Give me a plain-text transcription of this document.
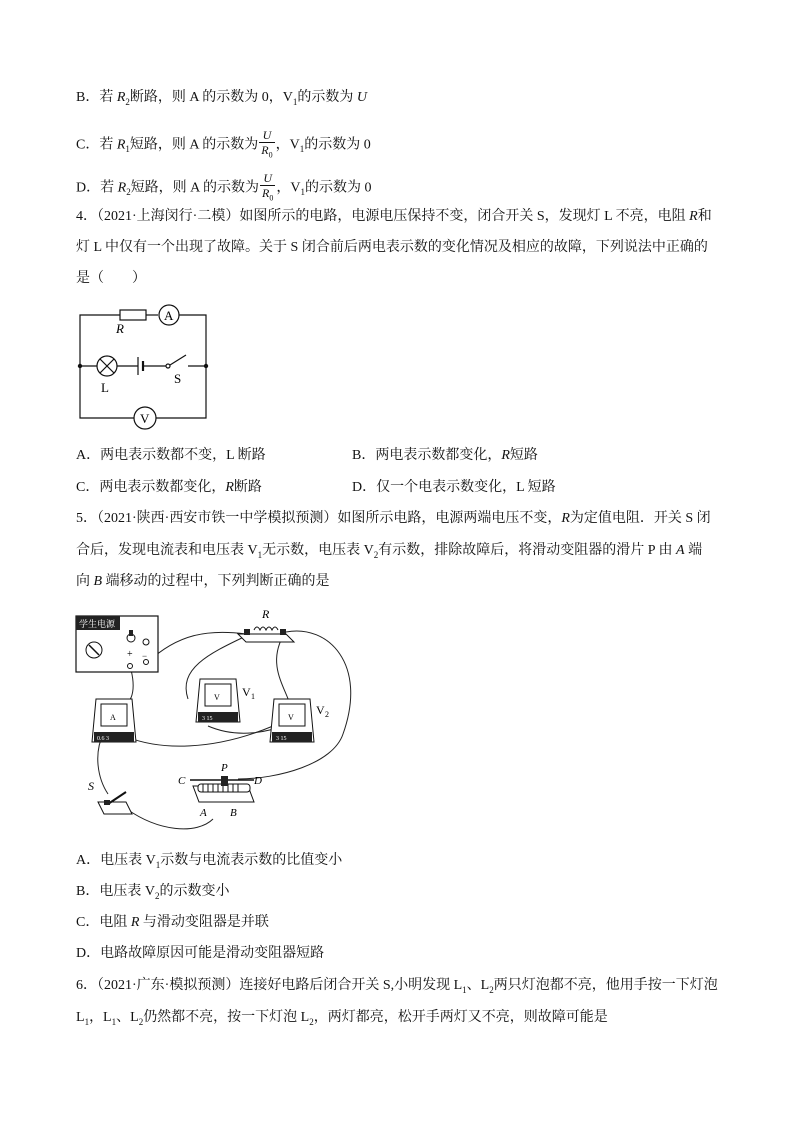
B．若 $R_2$断路，则 A 的示数为 0，$V_1$的示数为 U
C．若 $R_1$短路，则 A 的示数为 $\frac{U}{R_0}$ ，$V_1$的示数为 0
D．若 $R_2$短路，则 A 的示数为 $\frac{U}{R_0}$ ，$V_1$的示数为 0
4．（2021·上海闵行·二模）如图所示的电路，电源电压保持不变，闭合开关 S，发现灯 L 不亮，电阻 R和
灯 L 中仅有一个出现了故障。关于 S 闭合前后两电表示数的变化情况及相应的故障，下列说法中正确的
是（　　）
R
A
L
S
V
A．两电表示数都不变，L 断路	B．两电表示数都变化，R短路
C．两电表示数都变化，R断路	D．仅一个电表示数变化，L 短路
5．（2021·陕西·西安市铁一中学模拟预测）如图所示电路，电源两端电压不变，R为定值电阻．开关 S 闭
合后，发现电流表和电压表 $V_1$无示数，电压表 $V_2$有示数，排除故障后，将滑动变阻器的滑片 P 由 A 端
向 B 端移动的过程中，下列判断正确的是
学生电源
+ −
R
V
3 15
V 1
V
3 15
V 2
A
0.6 3
S
P
C	D
A B
A．电压表 $V_1$示数与电流表示数的比值变小
B．电压表 $V_2$的示数变小
C．电阻 R 与滑动变阻器是并联
D．电路故障原因可能是滑动变阻器短路
6．（2021·广东·模拟预测）连接好电路后闭合开关 S,小明发现 $L_1$、$L_2$两只灯泡都不亮，他用手按一下灯泡
$L_1$，$L_1$、$L_2$仍然都不亮，按一下灯泡 $L_2$，两灯都亮，松开手两灯又不亮，则故障可能是
